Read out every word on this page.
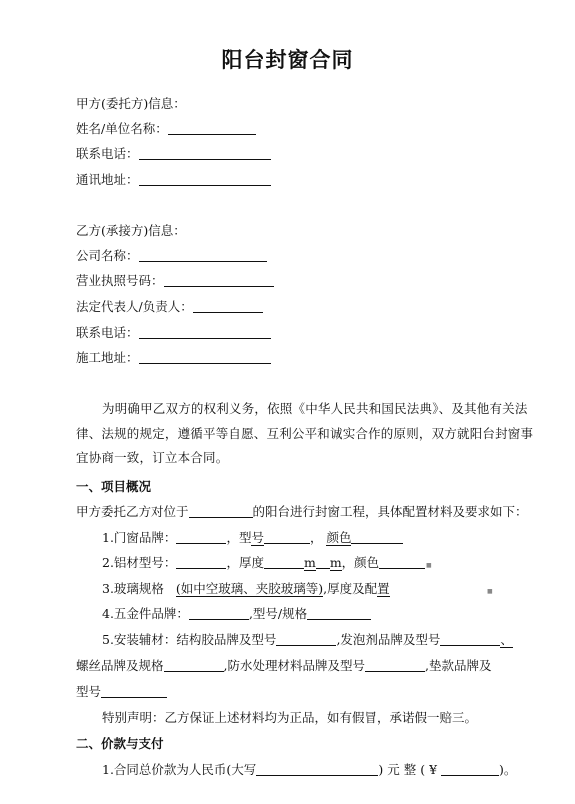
阳台封窗合同
甲方(委托方)信息：
姓名/单位名称：
联系电话：
通讯地址：
乙方(承接方)信息：
公司名称：
营业执照号码：
法定代表人/负责人：
联系电话：
施工地址：
为明确甲乙双方的权利义务，依照《中华人民共和国民法典》、及其他有关法律、法规的规定，遵循平等自愿、互利公平和诚实合作的原则，双方就阳台封窗事宜协商一致，订立本合同。
一、项目概况
甲方委托乙方对位于	的阳台进行封窗工程，具体配置材料及要求如下：
1.门窗品牌：	，型号	， 颜色
2.铝材型号：	，厚度	m m，颜色	■
3.玻璃规格 (如中空玻璃、夹胶玻璃等),厚度及配置	■
4.五金件品牌：	,型号/规格
5.安装辅材：结构胶品牌及型号	,发泡剂品牌及型号	、
螺丝品牌及规格	,防水处理材料品牌及型号	,垫款品牌及
型号
特别声明：乙方保证上述材料均为正品，如有假冒，承诺假一赔三。
二、价款与支付
1.合同总价款为人民币(大写	)元整(¥	)。
